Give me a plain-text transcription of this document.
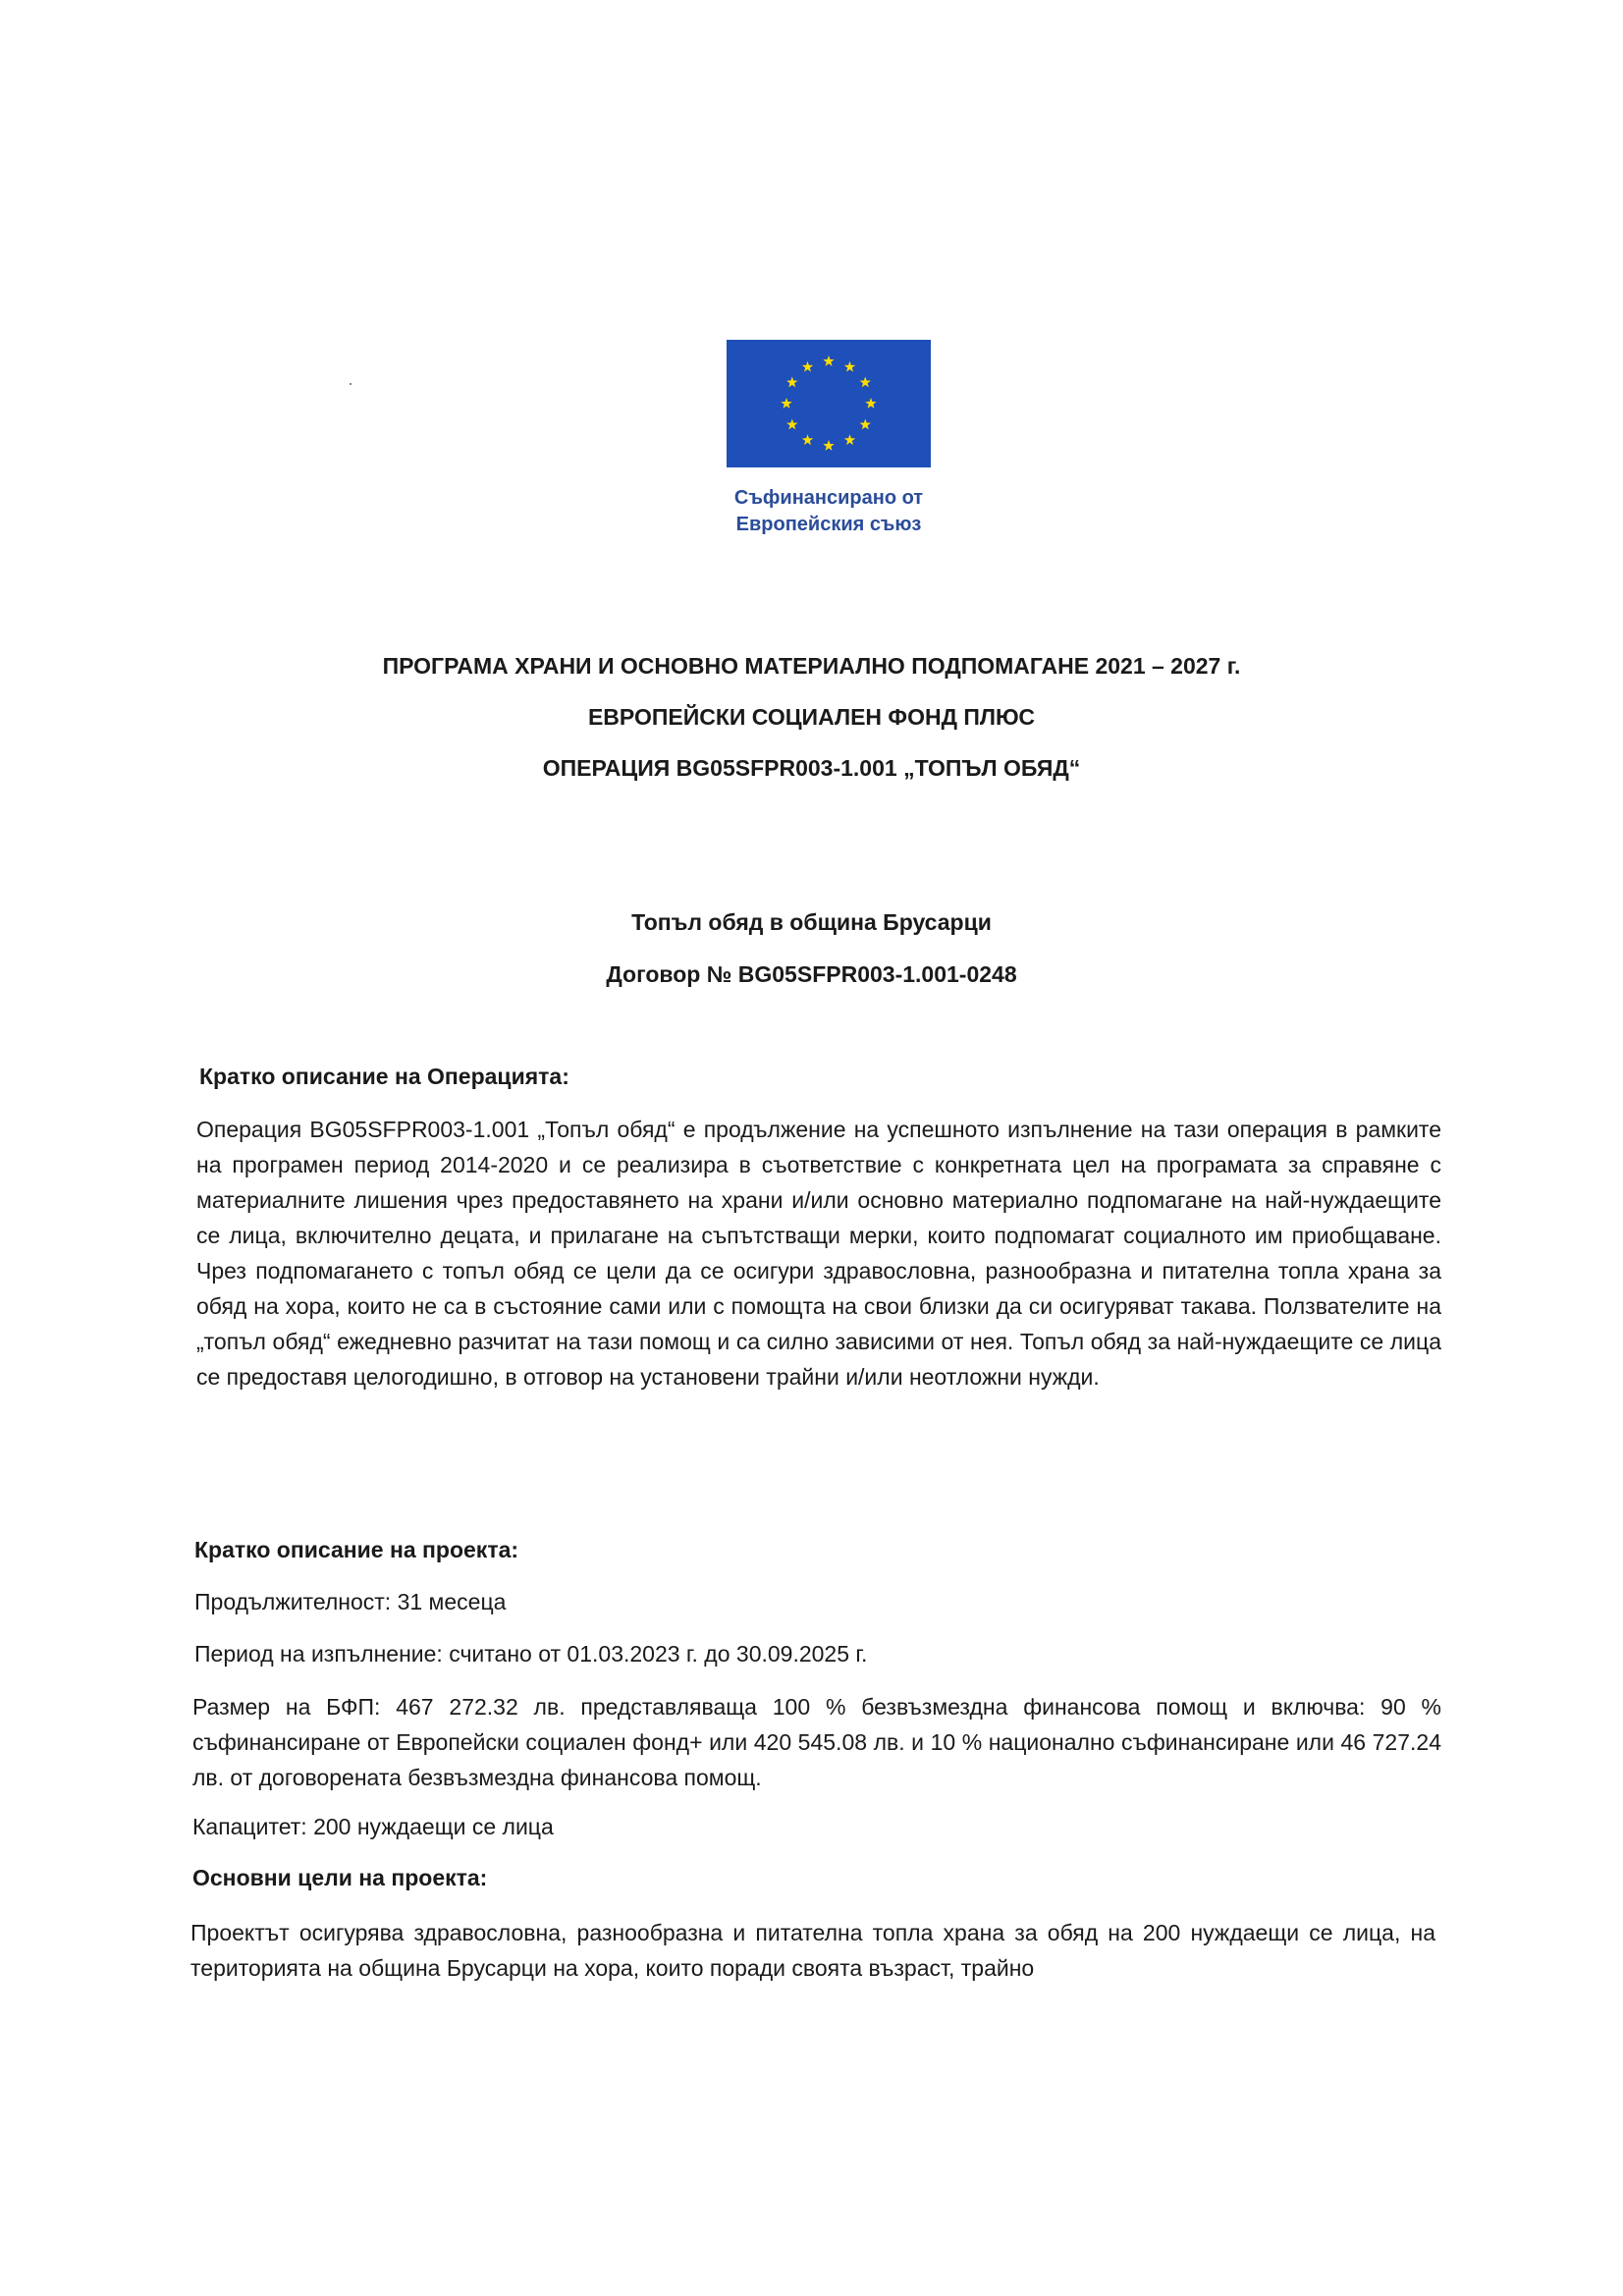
Съфинансирано от
Европейския съюз
ПРОГРАМА ХРАНИ И ОСНОВНО МАТЕРИАЛНО ПОДПОМАГАНЕ 2021 – 2027 г.
ЕВРОПЕЙСКИ СОЦИАЛЕН ФОНД ПЛЮС
ОПЕРАЦИЯ BG05SFPR003-1.001 „ТОПЪЛ ОБЯД“
Топъл обяд в община Брусарци
Договор № BG05SFPR003-1.001-0248
Кратко описание на Операцията:
Операция BG05SFPR003-1.001 „Топъл обяд“ е продължение на успешното изпълнение на тази операция в рамките на програмен период 2014-2020 и се реализира в съответствие с конкретната цел на програмата за справяне с материалните лишения чрез предоставянето на храни и/или основно материално подпомагане на най-нуждаещите се лица, включително децата, и прилагане на съпътстващи мерки, които подпомагат социалното им приобщаване. Чрез подпомагането с топъл обяд се цели да се осигури здравословна, разнообразна и питателна топла храна за обяд на хора, които не са в състояние сами или с помощта на свои близки да си осигуряват такава. Ползвателите на „топъл обяд“ ежедневно разчитат на тази помощ и са силно зависими от нея. Топъл обяд за най-нуждаещите се лица се предоставя целогодишно, в отговор на установени трайни и/или неотложни нужди.
Кратко описание на проекта:
Продължителност: 31 месеца
Период на изпълнение: считано от 01.03.2023 г. до 30.09.2025 г.
Размер на БФП: 467 272.32 лв. представляваща 100 % безвъзмездна финансова помощ и включва: 90 % съфинансиране от Европейски социален фонд+ или 420 545.08 лв. и 10 % национално съфинансиране или 46 727.24 лв. от договорената безвъзмездна финансова помощ.
Капацитет: 200 нуждаещи се лица
Основни цели на проекта:
Проектът осигурява здравословна, разнообразна и питателна топла храна за обяд на 200 нуждаещи се лица, на територията на община Брусарци на хора, които поради своята възраст, трайно
